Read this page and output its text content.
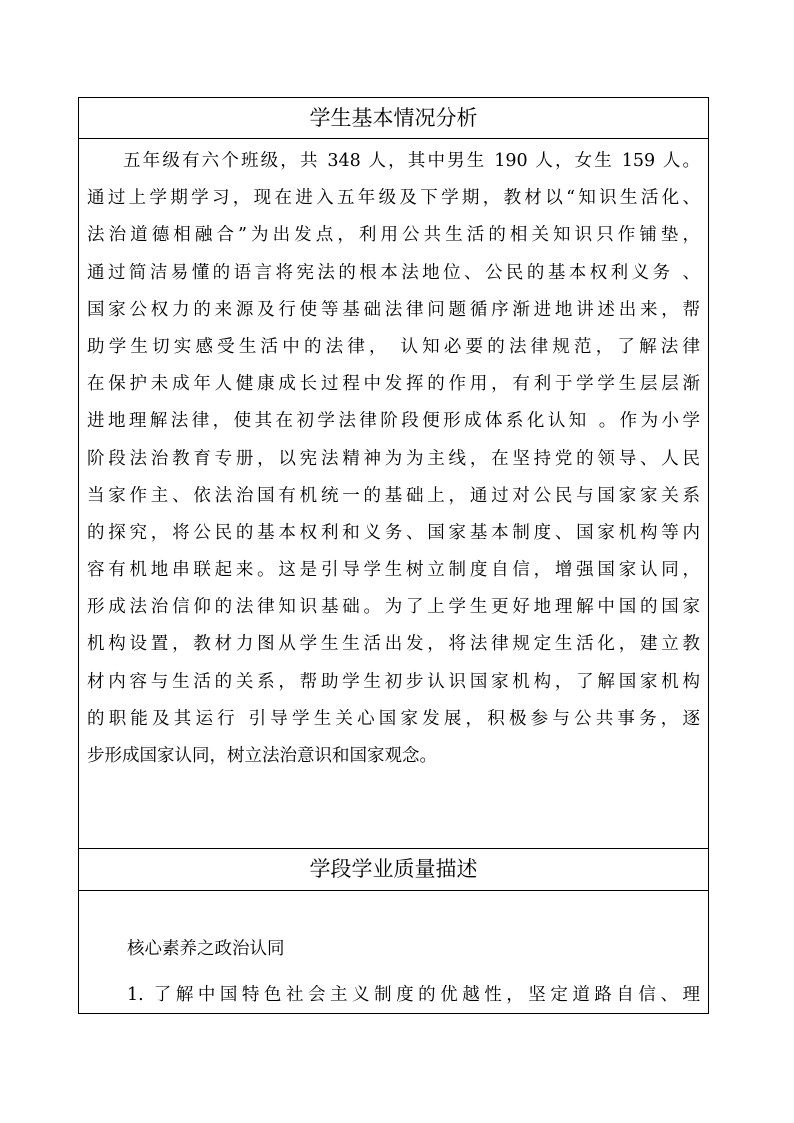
学生基本情况分析
五年级有六个班级，共 348 人，其中男生 190 人，女生 159 人。
通过上学期学习，现在进入五年级及下学期，教材以“知识生活化、
法治道德相融合”为出发点，利用公共生活的相关知识只作铺垫，
通过简洁易懂的语言将宪法的根本法地位、公民的基本权利义务 、
国家公权力的来源及行使等基础法律问题循序渐进地讲述出来，帮
助学生切实感受生活中的法律， 认知必要的法律规范，了解法律
在保护未成年人健康成长过程中发挥的作用，有利于学学生层层渐
进地理解法律，使其在初学法律阶段便形成体系化认知 。作为小学
阶段法治教育专册，以宪法精神为为主线，在坚持党的领导、人民
当家作主、依法治国有机统一的基础上，通过对公民与国家家关系
的探究，将公民的基本权利和义务、国家基本制度、国家机构等内
容有机地串联起来。这是引导学生树立制度自信，增强国家认同，
形成法治信仰的法律知识基础。为了上学生更好地理解中国的国家
机构设置，教材力图从学生生活出发，将法律规定生活化，建立教
材内容与生活的关系，帮助学生初步认识国家机构，了解国家机构
的职能及其运行 引导学生关心国家发展，积极参与公共事务，逐
步形成国家认同，树立法治意识和国家观念。
学段学业质量描述
核心素养之政治认同
1. 了解中国特色社会主义制度的优越性，坚定道路自信、理
